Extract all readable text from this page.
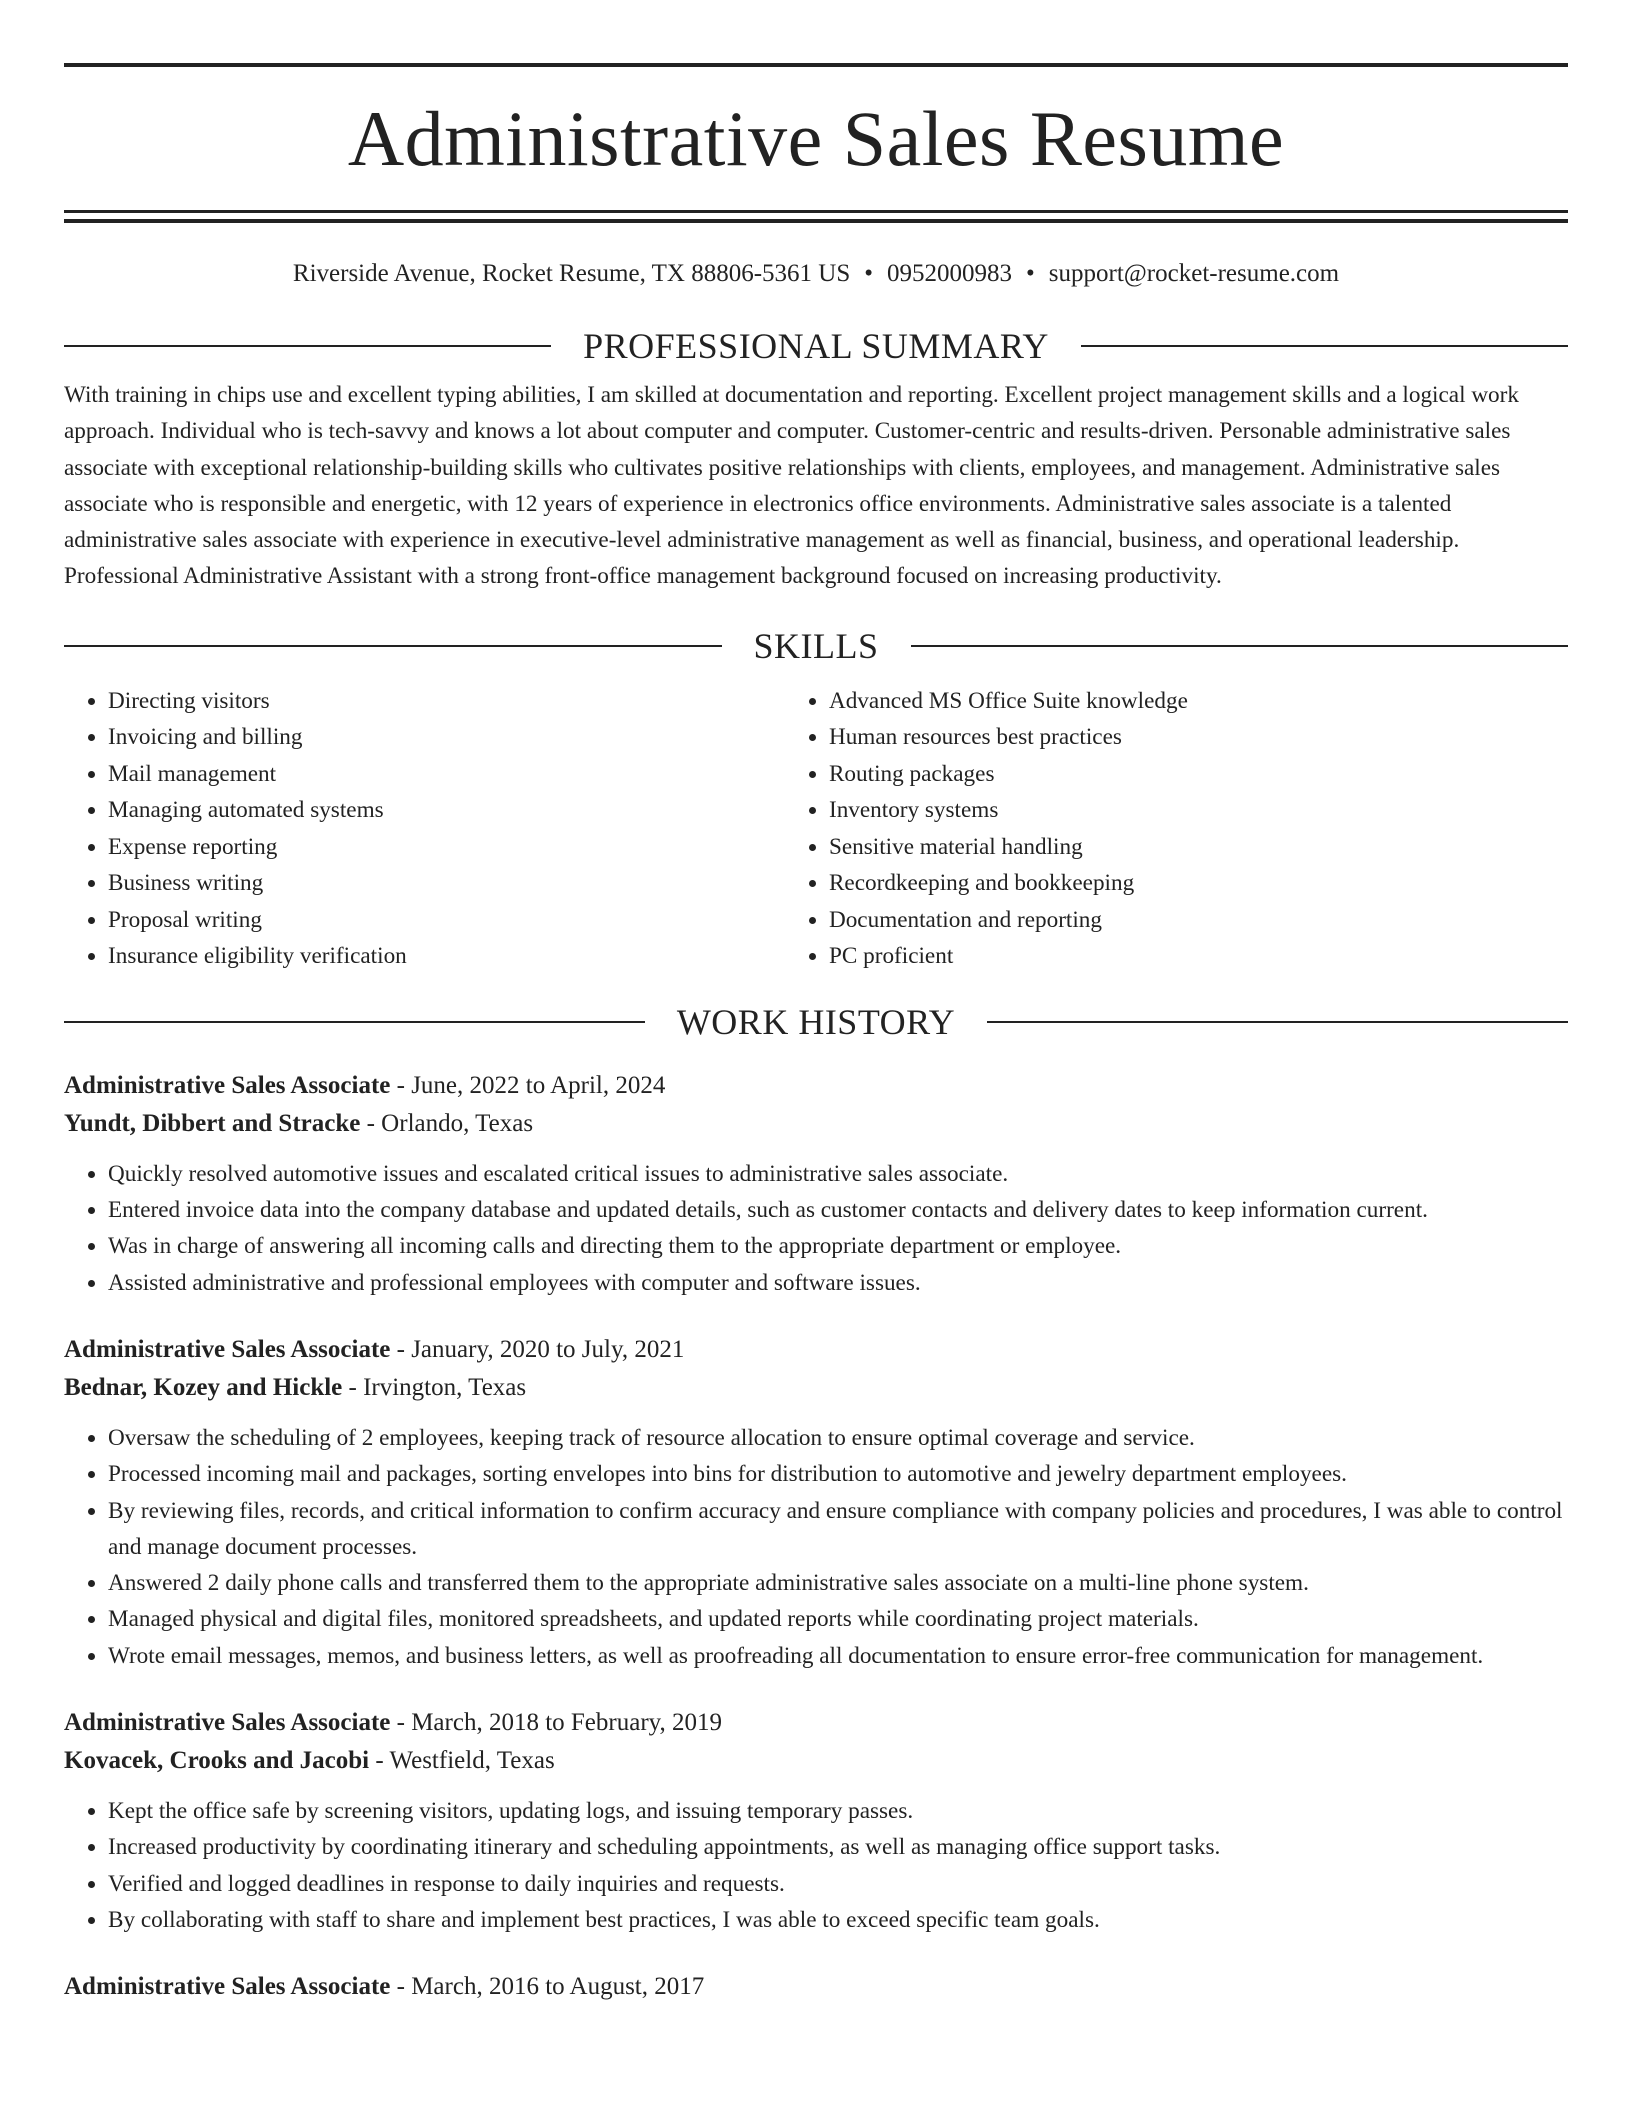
Administrative Sales Resume
Riverside Avenue, Rocket Resume, TX 88806-5361 US • 0952000983 • support@rocket-resume.com
PROFESSIONAL SUMMARY

With training in chips use and excellent typing abilities, I am skilled at documentation and reporting. Excellent project management skills and a logical work approach. Individual who is tech-savvy and knows a lot about computer and computer. Customer-centric and results-driven. Personable administrative sales associate with exceptional relationship-building skills who cultivates positive relationships with clients, employees, and management. Administrative sales associate who is responsible and energetic, with 12 years of experience in electronics office environments. Administrative sales associate is a talented administrative sales associate with experience in executive-level administrative management as well as financial, business, and operational leadership. Professional Administrative Assistant with a strong front-office management background focused on increasing productivity.

SKILLS
• Directing visitors
• Invoicing and billing
• Mail management
• Managing automated systems
• Expense reporting
• Business writing
• Proposal writing
• Insurance eligibility verification
• Advanced MS Office Suite knowledge
• Human resources best practices
• Routing packages
• Inventory systems
• Sensitive material handling
• Recordkeeping and bookkeeping
• Documentation and reporting
• PC proficient
WORK HISTORY
Administrative Sales Associate - June, 2022 to April, 2024
Yundt, Dibbert and Stracke - Orlando, Texas
• Quickly resolved automotive issues and escalated critical issues to administrative sales associate.
• Entered invoice data into the company database and updated details, such as customer contacts and delivery dates to keep information current.
• Was in charge of answering all incoming calls and directing them to the appropriate department or employee.
• Assisted administrative and professional employees with computer and software issues.
Administrative Sales Associate - January, 2020 to July, 2021
Bednar, Kozey and Hickle - Irvington, Texas
• Oversaw the scheduling of 2 employees, keeping track of resource allocation to ensure optimal coverage and service.
• Processed incoming mail and packages, sorting envelopes into bins for distribution to automotive and jewelry department employees.
• By reviewing files, records, and critical information to confirm accuracy and ensure compliance with company policies and procedures, I was able to control and manage document processes.
• Answered 2 daily phone calls and transferred them to the appropriate administrative sales associate on a multi-line phone system.
• Managed physical and digital files, monitored spreadsheets, and updated reports while coordinating project materials.
• Wrote email messages, memos, and business letters, as well as proofreading all documentation to ensure error-free communication for management.
Administrative Sales Associate - March, 2018 to February, 2019
Kovacek, Crooks and Jacobi - Westfield, Texas
• Kept the office safe by screening visitors, updating logs, and issuing temporary passes.
• Increased productivity by coordinating itinerary and scheduling appointments, as well as managing office support tasks.
• Verified and logged deadlines in response to daily inquiries and requests.
• By collaborating with staff to share and implement best practices, I was able to exceed specific team goals.
Administrative Sales Associate - March, 2016 to August, 2017
